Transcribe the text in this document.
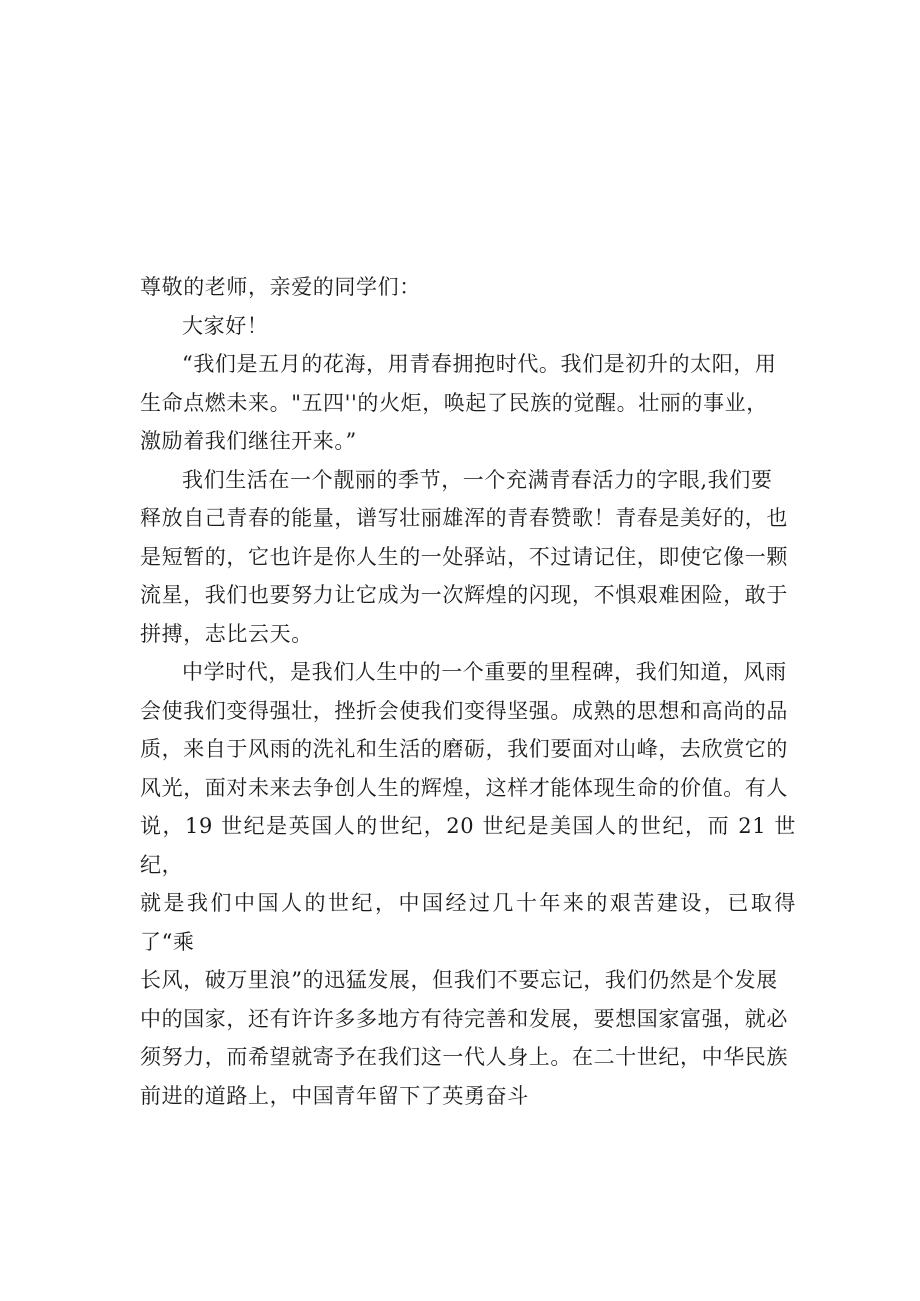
尊敬的老师，亲爱的同学们：

大家好！

“我们是五月的花海，用青春拥抱时代。我们是初升的太阳，用
生命点燃未来。"五四''的火炬，唤起了民族的觉醒。壮丽的事业，
激励着我们继往开来。”

我们生活在一个靓丽的季节，一个充满青春活力的字眼,我们要
释放自己青春的能量，谱写壮丽雄浑的青春赞歌！青春是美好的，也
是短暂的，它也许是你人生的一处驿站，不过请记住，即使它像一颗
流星，我们也要努力让它成为一次辉煌的闪现，不惧艰难困险，敢于
拼搏，志比云天。

中学时代，是我们人生中的一个重要的里程碑，我们知道，风雨
会使我们变得强壮，挫折会使我们变得坚强。成熟的思想和高尚的品
质，来自于风雨的洗礼和生活的磨砺，我们要面对山峰，去欣赏它的
风光，面对未来去争创人生的辉煌，这样才能体现生命的价值。有人
说，19 世纪是英国人的世纪，20 世纪是美国人的世纪，而 21 世纪，
就是我们中国人的世纪，中国经过几十年来的艰苦建设，已取得了“乘
长风，破万里浪”的迅猛发展，但我们不要忘记，我们仍然是个发展
中的国家，还有许许多多地方有待完善和发展，要想国家富强，就必
须努力，而希望就寄予在我们这一代人身上。在二十世纪，中华民族
前进的道路上，中国青年留下了英勇奋斗
